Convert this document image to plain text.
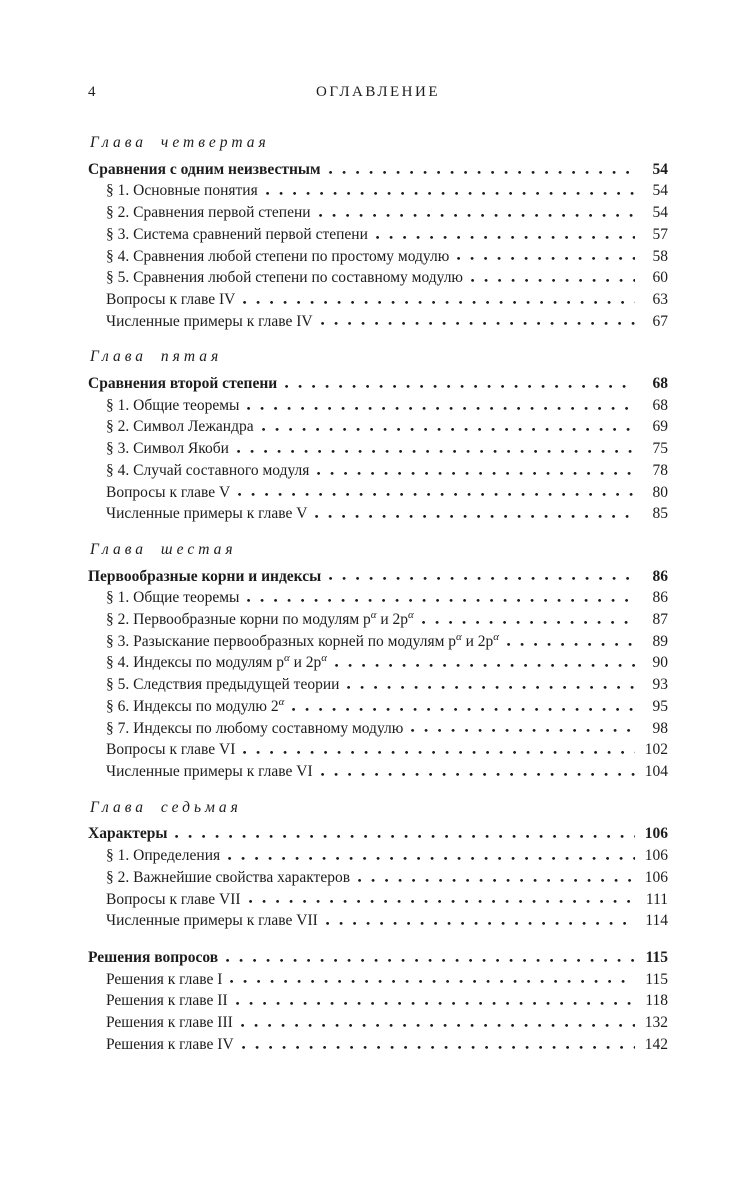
4	ОГЛАВЛЕНИЕ
Глава четвертая
Сравнения с одним неизвестным	54
§ 1. Основные понятия	54
§ 2. Сравнения первой степени	54
§ 3. Система сравнений первой степени	57
§ 4. Сравнения любой степени по простому модулю	58
§ 5. Сравнения любой степени по составному модулю	60
Вопросы к главе IV	63
Численные примеры к главе IV	67
Глава пятая
Сравнения второй степени	68
§ 1. Общие теоремы	68
§ 2. Символ Лежандра	69
§ 3. Символ Якоби	75
§ 4. Случай составного модуля	78
Вопросы к главе V	80
Численные примеры к главе V	85
Глава шестая
Первообразные корни и индексы	86
§ 1. Общие теоремы	86
§ 2. Первообразные корни по модулям $p^\alpha$ и $2p^\alpha$	87
§ 3. Разыскание первообразных корней по модулям $p^\alpha$ и $2p^\alpha$	89
§ 4. Индексы по модулям $p^\alpha$ и $2p^\alpha$	90
§ 5. Следствия предыдущей теории	93
§ 6. Индексы по модулю $2^\alpha$	95
§ 7. Индексы по любому составному модулю	98
Вопросы к главе VI	102
Численные примеры к главе VI	104
Глава седьмая
Характеры	106
§ 1. Определения	106
§ 2. Важнейшие свойства характеров	106
Вопросы к главе VII	111
Численные примеры к главе VII	114
Решения вопросов	115
Решения к главе I	115
Решения к главе II	118
Решения к главе III	132
Решения к главе IV	142
